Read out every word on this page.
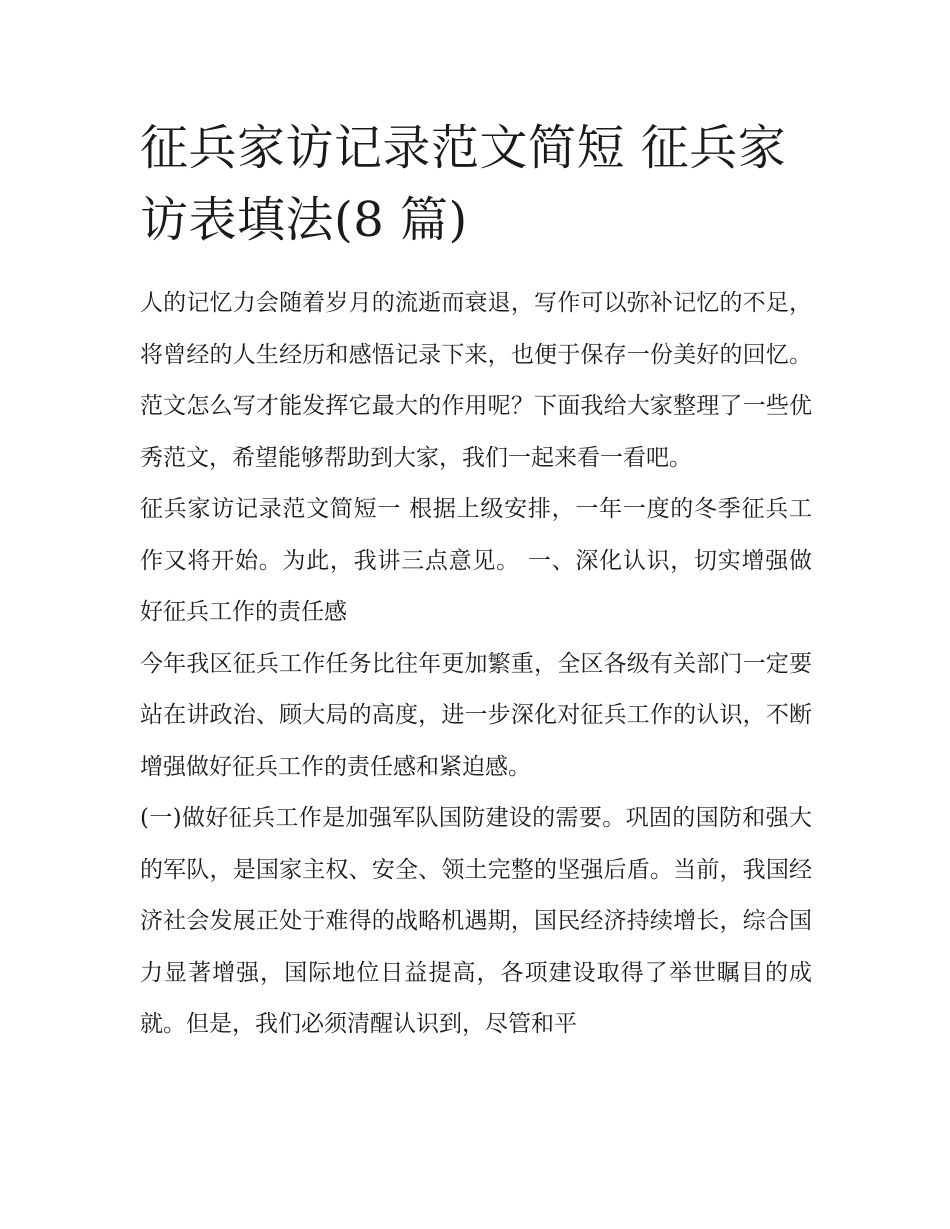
征兵家访记录范文简短 征兵家访表填法(8 篇)

人的记忆力会随着岁月的流逝而衰退，写作可以弥补记忆的不足，将曾经的人生经历和感悟记录下来，也便于保存一份美好的回忆。范文怎么写才能发挥它最大的作用呢？下面我给大家整理了一些优秀范文，希望能够帮助到大家，我们一起来看一看吧。

征兵家访记录范文简短一 根据上级安排，一年一度的冬季征兵工作又将开始。为此，我讲三点意见。 一、深化认识，切实增强做好征兵工作的责任感

今年我区征兵工作任务比往年更加繁重，全区各级有关部门一定要站在讲政治、顾大局的高度，进一步深化对征兵工作的认识，不断增强做好征兵工作的责任感和紧迫感。

(一)做好征兵工作是加强军队国防建设的需要。巩固的国防和强大的军队，是国家主权、安全、领土完整的坚强后盾。当前，我国经济社会发展正处于难得的战略机遇期，国民经济持续增长，综合国力显著增强，国际地位日益提高，各项建设取得了举世瞩目的成就。但是，我们必须清醒认识到，尽管和平
